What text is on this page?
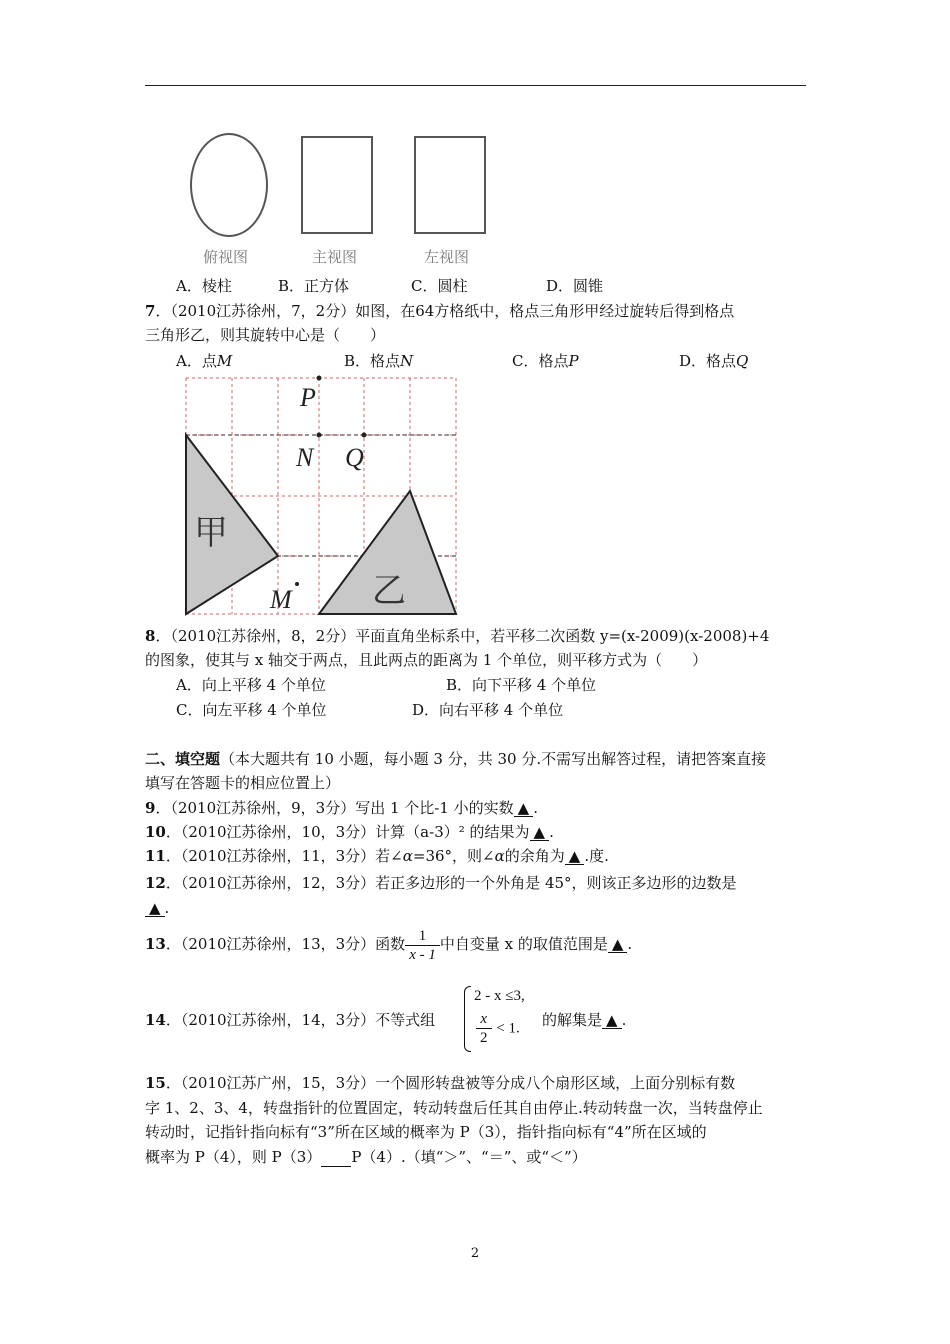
俯视图	主视图	左视图
A．棱柱	B．正方体	C．圆柱	D．圆锥
7．（2010江苏徐州，7，2分）如图，在64方格纸中，格点三角形甲经过旋转后得到格点
三角形乙，则其旋转中心是（　　）
A．点M	B．格点N	C．格点P	D．格点Q
P
N Q
M
甲
乙
8．（2010江苏徐州，8，2分）平面直角坐标系中，若平移二次函数 y=(x-2009)(x-2008)+4
的图象，使其与 x 轴交于两点，且此两点的距离为 1 个单位，则平移方式为（　　）
A．向上平移 4 个单位	B．向下平移 4 个单位
C．向左平移 4 个单位	D．向右平移 4 个单位
二、填空题（本大题共有 10 小题，每小题 3 分，共 30 分.不需写出解答过程，请把答案直接
填写在答题卡的相应位置上）
9．（2010江苏徐州，9，3分）写出 1 个比-1 小的实数 ▲ .
10．（2010江苏徐州，10，3分）计算（a-3）² 的结果为 ▲ .
11．（2010江苏徐州，11，3分）若∠α=36°，则∠α的余角为 ▲ .度.
12．（2010江苏徐州，12，3分）若正多边形的一个外角是 45°，则该正多边形的边数是
▲ .
13．（2010江苏徐州，13，3分）函数 $\frac{1}{x - 1}$ 中自变量 x 的取值范围是 ▲ .
14．（2010江苏徐州，14，3分）不等式组
2 - x ≤3,
$\frac{x}{2} < 1$. 的解集是 ▲ .
15．（2010江苏广州，15，3分）一个圆形转盘被等分成八个扇形区域，上面分别标有数
字 1、2、3、4，转盘指针的位置固定，转动转盘后任其自由停止.转动转盘一次，当转盘停止
转动时，记指针指向标有“3”所在区域的概率为 P（3），指针指向标有“4”所在区域的
概率为 P（4），则 P（3） P（4）.（填“＞”、“＝”、或“＜”）
2
